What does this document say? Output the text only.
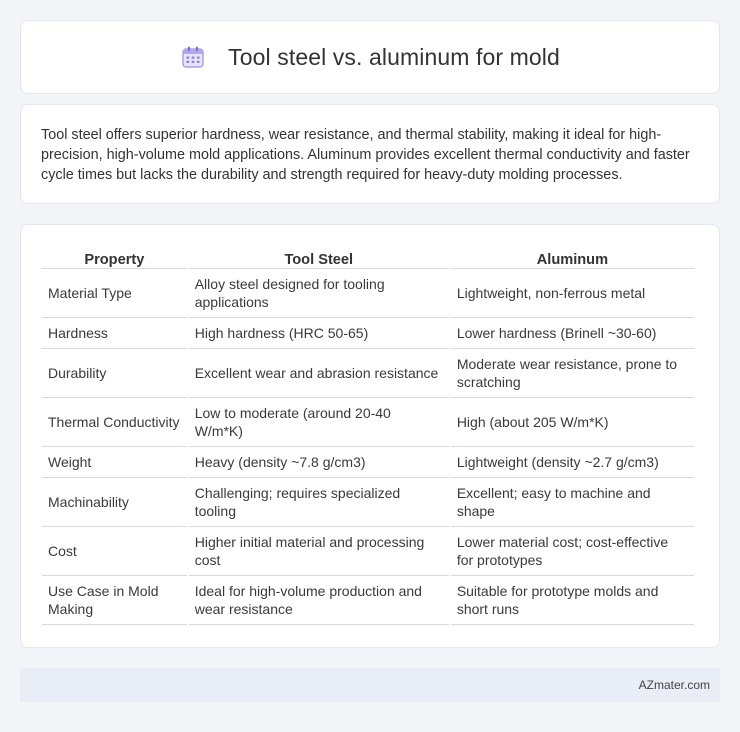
Tool steel vs. aluminum for mold

Tool steel offers superior hardness, wear resistance, and thermal stability, making it ideal for high-precision, high-volume mold applications. Aluminum provides excellent thermal conductivity and faster cycle times but lacks the durability and strength required for heavy-duty molding processes.

Property	Tool Steel	Aluminum
Material Type	Alloy steel designed for tooling applications	Lightweight, non-ferrous metal
Hardness	High hardness (HRC 50-65)	Lower hardness (Brinell ~30-60)
Durability	Excellent wear and abrasion resistance	Moderate wear resistance, prone to scratching
Thermal Conductivity	Low to moderate (around 20-40 W/m*K)	High (about 205 W/m*K)
Weight	Heavy (density ~7.8 g/cm3)	Lightweight (density ~2.7 g/cm3)
Machinability	Challenging; requires specialized tooling	Excellent; easy to machine and shape
Cost	Higher initial material and processing cost	Lower material cost; cost-effective for prototypes
Use Case in Mold Making	Ideal for high-volume production and wear resistance	Suitable for prototype molds and short runs
AZmater.com
